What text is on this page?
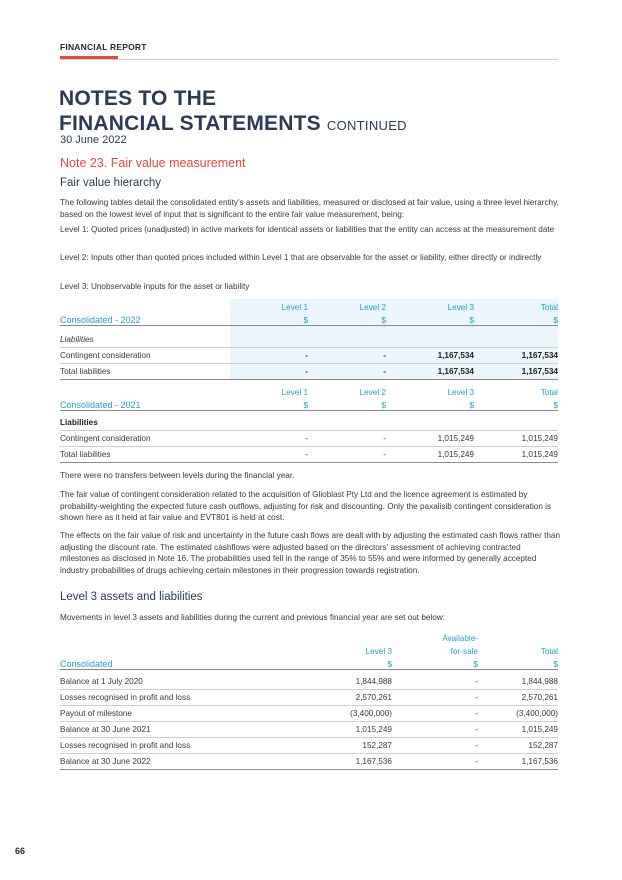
FINANCIAL REPORT
NOTES TO THE
FINANCIAL STATEMENTS CONTINUED
30 June 2022
Note 23. Fair value measurement
Fair value hierarchy

The following tables detail the consolidated entity's assets and liabilities, measured or disclosed at fair value, using a three level hierarchy, based on the lowest level of input that is significant to the entire fair value measurement, being:

Level 1: Quoted prices (unadjusted) in active markets for identical assets or liabilities that the entity can access at the measurement date

Level 2: Inputs other than quoted prices included within Level 1 that are observable for the asset or liability, either directly or indirectly

Level 3: Unobservable inputs for the asset or liability

	Level 1	Level 2	Level 3	Total
Consolidated - 2022	$	$	$	$

Liabilities				
Contingent consideration	-	-	1,167,534	1,167,534
Total liabilities	-	-	1,167,534	1,167,534
	Level 1	Level 2	Level 3	Total
Consolidated - 2021	$	$	$	$

Liabilities				
Contingent consideration	-	-	1,015,249	1,015,249
Total liabilities	-	-	1,015,249	1,015,249

There were no transfers between levels during the financial year.

The fair value of contingent consideration related to the acquisition of Glioblast Pty Ltd and the licence agreement is estimated by probability-weighting the expected future cash outflows, adjusting for risk and discounting. Only the paxalisib contingent consideration is shown here as it held at fair value and EVT801 is held at cost.

The effects on the fair value of risk and uncertainty in the future cash flows are dealt with by adjusting the estimated cash flows rather than adjusting the discount rate. The estimated cashflows were adjusted based on the directors' assessment of achieving contracted milestones as disclosed in Note 16. The probabilities used fell in the range of 35% to 55% and were informed by generally accepted industry probabilities of drugs achieving certain milestones in their progression towards registration.

Level 3 assets and liabilities

Movements in level 3 assets and liabilities during the current and previous financial year are set out below:

		Available-	
	Level 3	for-sale	Total
Consolidated	$	$	$

Balance at 1 July 2020	1,844,988	-	1,844,988
Losses recognised in profit and loss	2,570,261	-	2,570,261
Payout of milestone	(3,400,000)	-	(3,400,000)
Balance at 30 June 2021	1,015,249	-	1,015,249
Losses recognised in profit and loss	152,287	-	152,287
Balance at 30 June 2022	1,167,536	-	1,167,536
66
